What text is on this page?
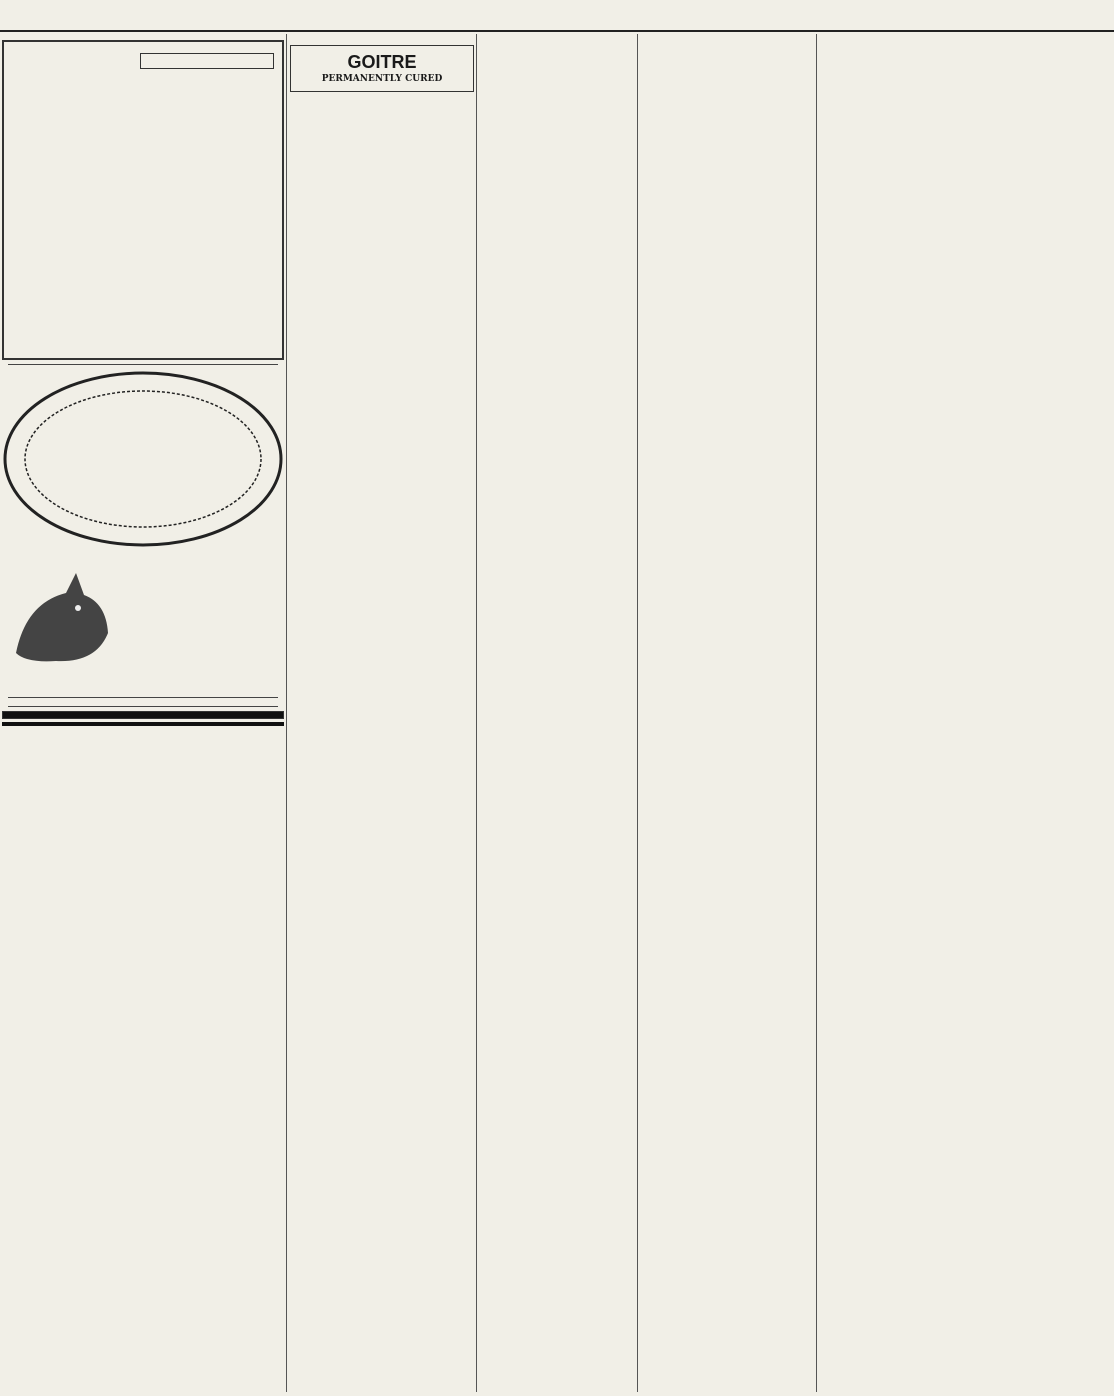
GOITRE
PERMANENTLY CURED
